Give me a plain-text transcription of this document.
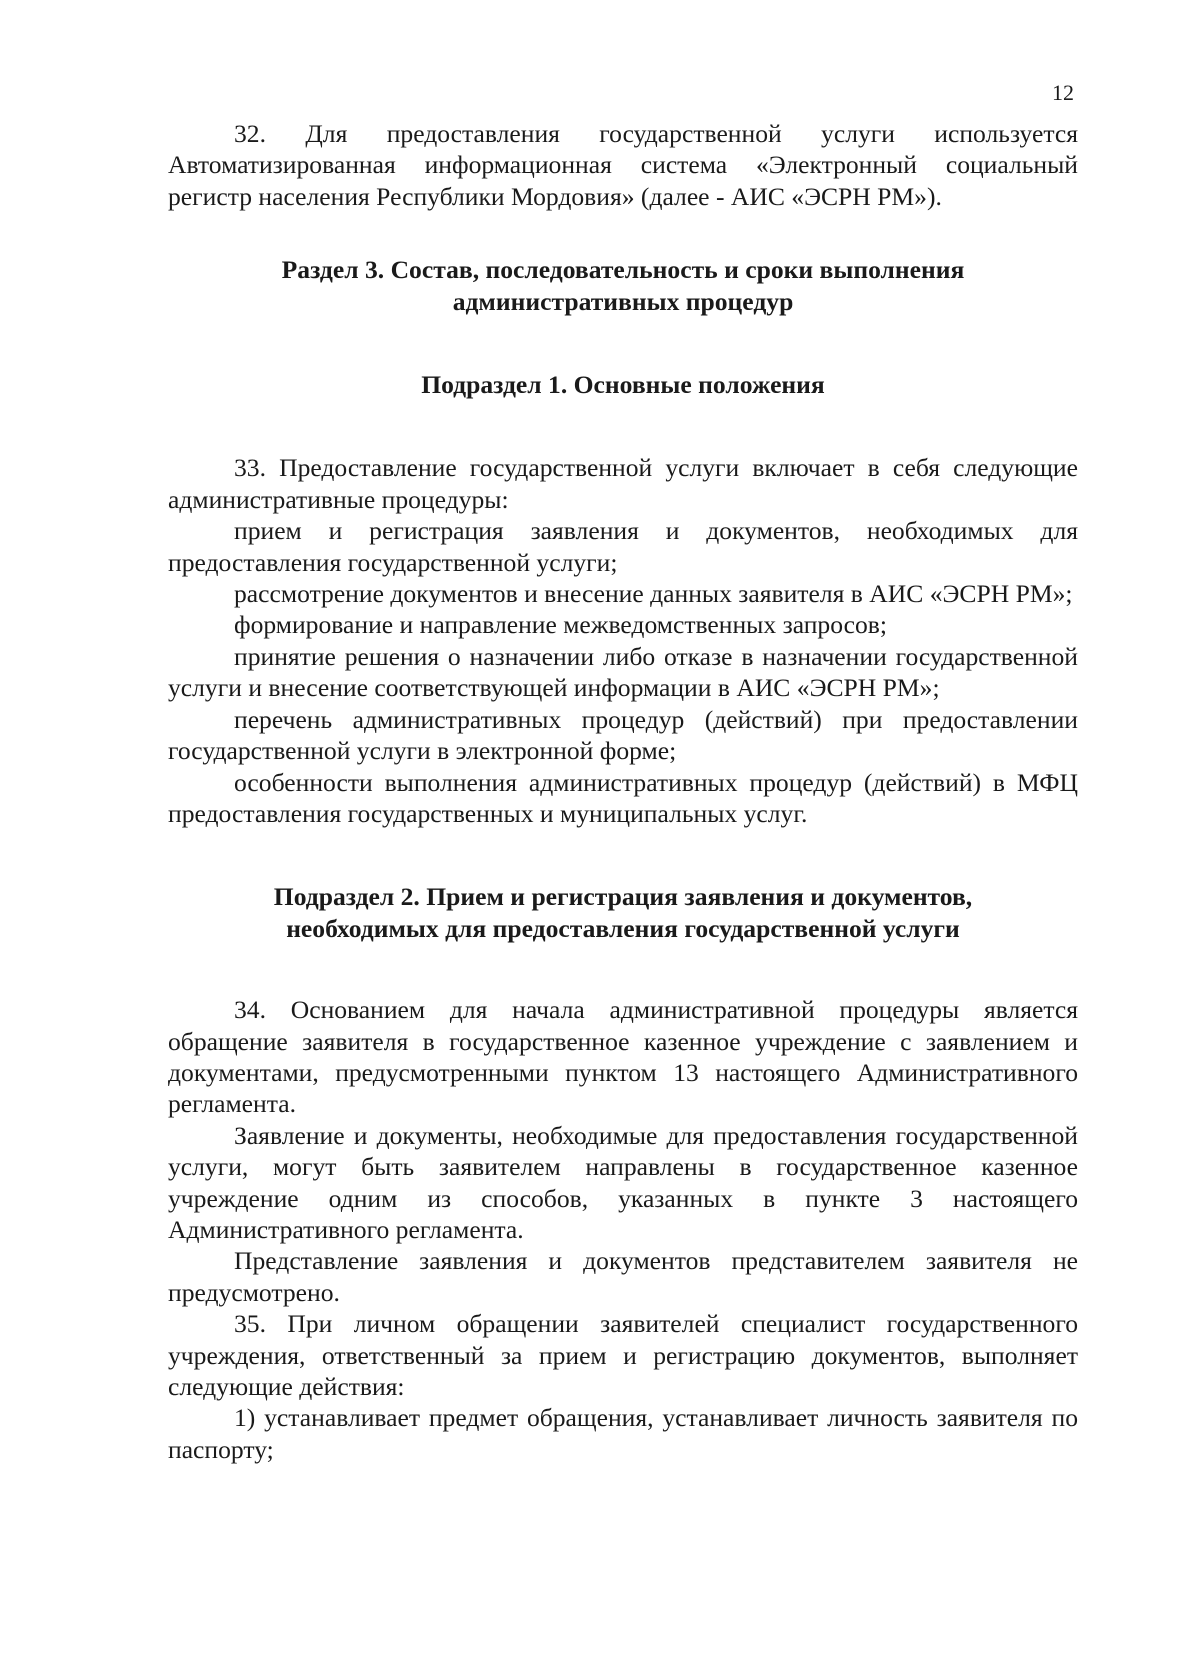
12

32. Для предоставления государственной услуги используется Автоматизированная информационная система «Электронный социальный регистр населения Республики Мордовия» (далее - АИС «ЭСРН РМ»).

Раздел 3. Состав, последовательность и сроки выполнения

административных процедур

Подраздел 1. Основные положения

33. Предоставление государственной услуги включает в себя следующие административные процедуры:

прием и регистрация заявления и документов, необходимых для предоставления государственной услуги;

рассмотрение документов и внесение данных заявителя в АИС «ЭСРН РМ»;

формирование и направление межведомственных запросов;

принятие решения о назначении либо отказе в назначении государственной услуги и внесение соответствующей информации в АИС «ЭСРН РМ»;

перечень административных процедур (действий) при предоставлении государственной услуги в электронной форме;

особенности выполнения административных процедур (действий) в МФЦ предоставления государственных и муниципальных услуг.

Подраздел 2. Прием и регистрация заявления и документов,

необходимых для предоставления государственной услуги

34. Основанием для начала административной процедуры является обращение заявителя в государственное казенное учреждение с заявлением и документами, предусмотренными пунктом 13 настоящего Административного регламента.

Заявление и документы, необходимые для предоставления государственной услуги, могут быть заявителем направлены в государственное казенное учреждение одним из способов, указанных в пункте 3 настоящего Административного регламента.

Представление заявления и документов представителем заявителя не предусмотрено.

35. При личном обращении заявителей специалист государственного учреждения, ответственный за прием и регистрацию документов, выполняет следующие действия:

1) устанавливает предмет обращения, устанавливает личность заявителя по паспорту;
